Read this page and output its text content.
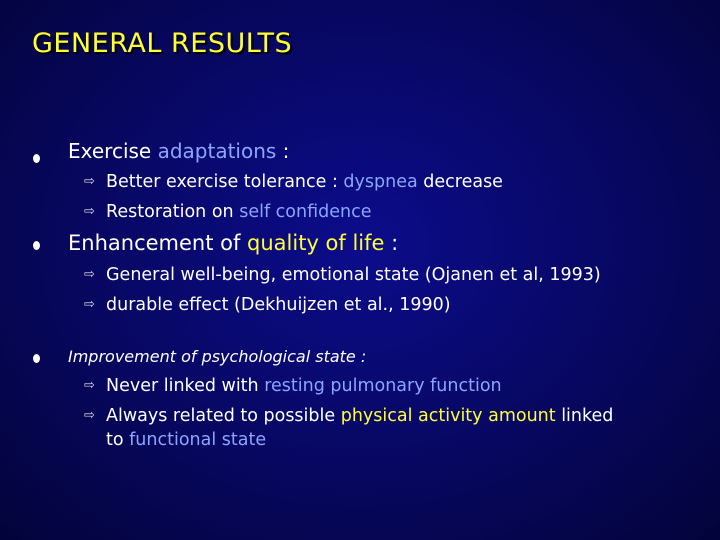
GENERAL RESULTS
Exercise adaptations :
⇨ Better exercise tolerance : dyspnea decrease
⇨ Restoration on self confidence
Enhancement of quality of life :
⇨ General well-being, emotional state (Ojanen et al, 1993)
⇨ durable effect (Dekhuijzen et al., 1990)
Improvement of psychological state :
⇨ Never linked with resting pulmonary function
⇨ Always related to possible physical activity amount linked
to functional state
